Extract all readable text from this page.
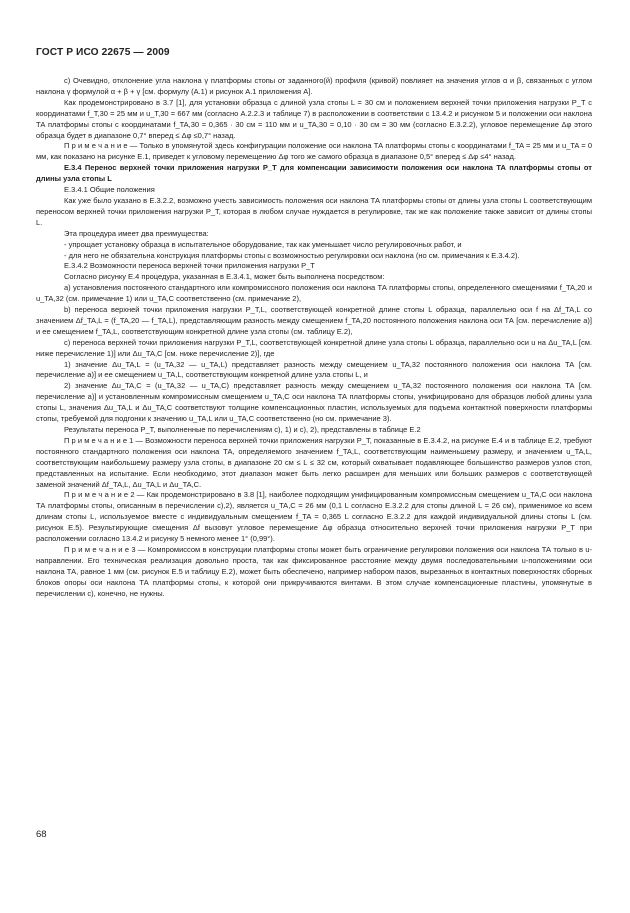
ГОСТ Р ИСО 22675 — 2009

с) Очевидно, отклонение угла наклона γ платформы стопы от заданного(й) профиля (кривой) повлияет на значения углов α и β, связанных с углом наклона γ формулой α + β + γ [см. формулу (А.1) и рисунок А.1 приложения А].

Как продемонстрировано в 3.7 [1], для установки образца с длиной узла стопы L = 30 см и положением верхней точки приложения нагрузки P_T с координатами f_T,30 = 25 мм и u_T,30 = 667 мм (согласно А.2.2.3 и таблице 7) в расположении в соответствии с 13.4.2 и рисунком 5 и положении оси наклона ТА платформы стопы с координатами f_TA,30 = 0,365 · 30 см = 110 мм и u_TA,30 = 0,10 · 30 см = 30 мм (согласно Е.3.2.2), угловое перемещение Δφ этого образца будет в диапазоне 0,7° вперед ≤ Δφ ≤0,7° назад.

П р и м е ч а н и е — Только в упомянутой здесь конфигурации положение оси наклона ТА платформы стопы с координатами f_TA = 25 мм и u_TA = 0 мм, как показано на рисунке Е.1, приведет к угловому перемещению Δφ того же самого образца в диапазоне 0,5° вперед ≤ Δφ ≤4° назад.

Е.3.4 Перенос верхней точки приложения нагрузки P_T для компенсации зависимости положения оси наклона ТА платформы стопы от длины узла стопы L

Е.3.4.1 Общие положения

Как уже было указано в Е.3.2.2, возможно учесть зависимость положения оси наклона ТА платформы стопы от длины узла стопы L соответствующим переносом верхней точки приложения нагрузки P_T, которая в любом случае нуждается в регулировке, так же как положение также зависит от длины стопы L.

Эта процедура имеет два преимущества:

- упрощает установку образца в испытательное оборудование, так как уменьшает число регулировочных работ, и

- для него не обязательна конструкция платформы стопы с возможностью регулировки оси наклона (но см. примечания к Е.3.4.2).

Е.3.4.2 Возможности переноса верхней точки приложения нагрузки P_T

Согласно рисунку Е.4 процедура, указанная в Е.3.4.1, может быть выполнена посредством:

а) установления постоянного стандартного или компромиссного положения оси наклона ТА платформы стопы, определенного смещениями f_TA,20 и u_TA,32 (см. примечание 1) или u_TA,C соответственно (см. примечание 2),

b) переноса верхней точки приложения нагрузки P_T,L, соответствующей конкретной длине стопы L образца, параллельно оси f на Δf_TA,L со значением Δf_TA,L = (f_TA,20 — f_TA,L), представляющим разность между смещением f_TA,20 постоянного положения наклона оси ТА [см. перечисление а)] и ее смещением f_TA,L, соответствующим конкретной длине узла стопы (см. таблицу Е.2),

с) переноса верхней точки приложения нагрузки P_T,L, соответствующей конкретной длине узла стопы L образца, параллельно оси u на Δu_TA,L [см. ниже перечисление 1)] или Δu_TA,C [см. ниже перечисление 2)], где

1) значение Δu_TA,L = (u_TA,32 — u_TA,L) представляет разность между смещением u_TA,32 постоянного положения оси наклона ТА [см. перечисление а)] и ее смещением u_TA,L, соответствующим конкретной длине узла стопы L, и

2) значение Δu_TA,C = (u_TA,32 — u_TA,C) представляет разность между смещением u_TA,32 постоянного положения оси наклона ТА [см. перечисление а)] и установленным компромиссным смещением u_TA,C оси наклона ТА платформы стопы, унифицировано для образцов любой длины узла стопы L, значения Δu_TA,L и Δu_TA,C соответствуют толщине компенсационных пластин, используемых для подъема контактной поверхности платформы стопы, требуемой для подгонки к значению u_TA,L или u_TA,C соответственно (но см. примечание 3).

Результаты переноса P_T, выполненные по перечислениям с), 1) и с), 2), представлены в таблице Е.2

П р и м е ч а н и е 1 — Возможности переноса верхней точки приложения нагрузки P_T, показанные в Е.3.4.2, на рисунке Е.4 и в таблице Е.2, требуют постоянного стандартного положения оси наклона ТА, определяемого значением f_TA,L, соответствующим наименьшему размеру, и значением u_TA,L, соответствующим наибольшему размеру узла стопы, в диапазоне 20 см ≤ L ≤ 32 см, который охватывает подавляющее большинство размеров узлов стоп, представленных на испытание. Если необходимо, этот диапазон может быть легко расширен для меньших или больших размеров с соответствующей заменой значений Δf_TA,L, Δu_TA,L и Δu_TA,C.

П р и м е ч а н и е 2 — Как продемонстрировано в 3.8 [1], наиболее подходящим унифицированным компромиссным смещением u_TA,C оси наклона ТА платформы стопы, описанным в перечислении с),2), является u_TA,C = 26 мм (0,1 L согласно Е.3.2.2 для стопы длиной L = 26 см), применимое ко всем длинам стопы L, используемое вместе с индивидуальным смещением f_TA = 0,365 L согласно Е.3.2.2 для каждой индивидуальной длины стопы L (см. рисунок Е.5). Результирующие смещения Δf вызовут угловое перемещение Δφ образца относительно верхней точки приложения нагрузки P_T при расположении согласно 13.4.2 и рисунку 5 немного менее 1° (0,99°).

П р и м е ч а н и е 3 — Компромиссом в конструкции платформы стопы может быть ограничение регулировки положения оси наклона ТА только в u-направлении. Его техническая реализация довольно проста, так как фиксированное расстояние между двумя последовательными u-положениями оси наклона ТА, равное 1 мм (см. рисунок Е.5 и таблицу Е.2), может быть обеспечено, например набором пазов, вырезанных в контактных поверхностях сборных блоков опоры оси наклона ТА платформы стопы, к которой они прикручиваются винтами. В этом случае компенсационные пластины, упомянутые в перечислении с), конечно, не нужны.

68
